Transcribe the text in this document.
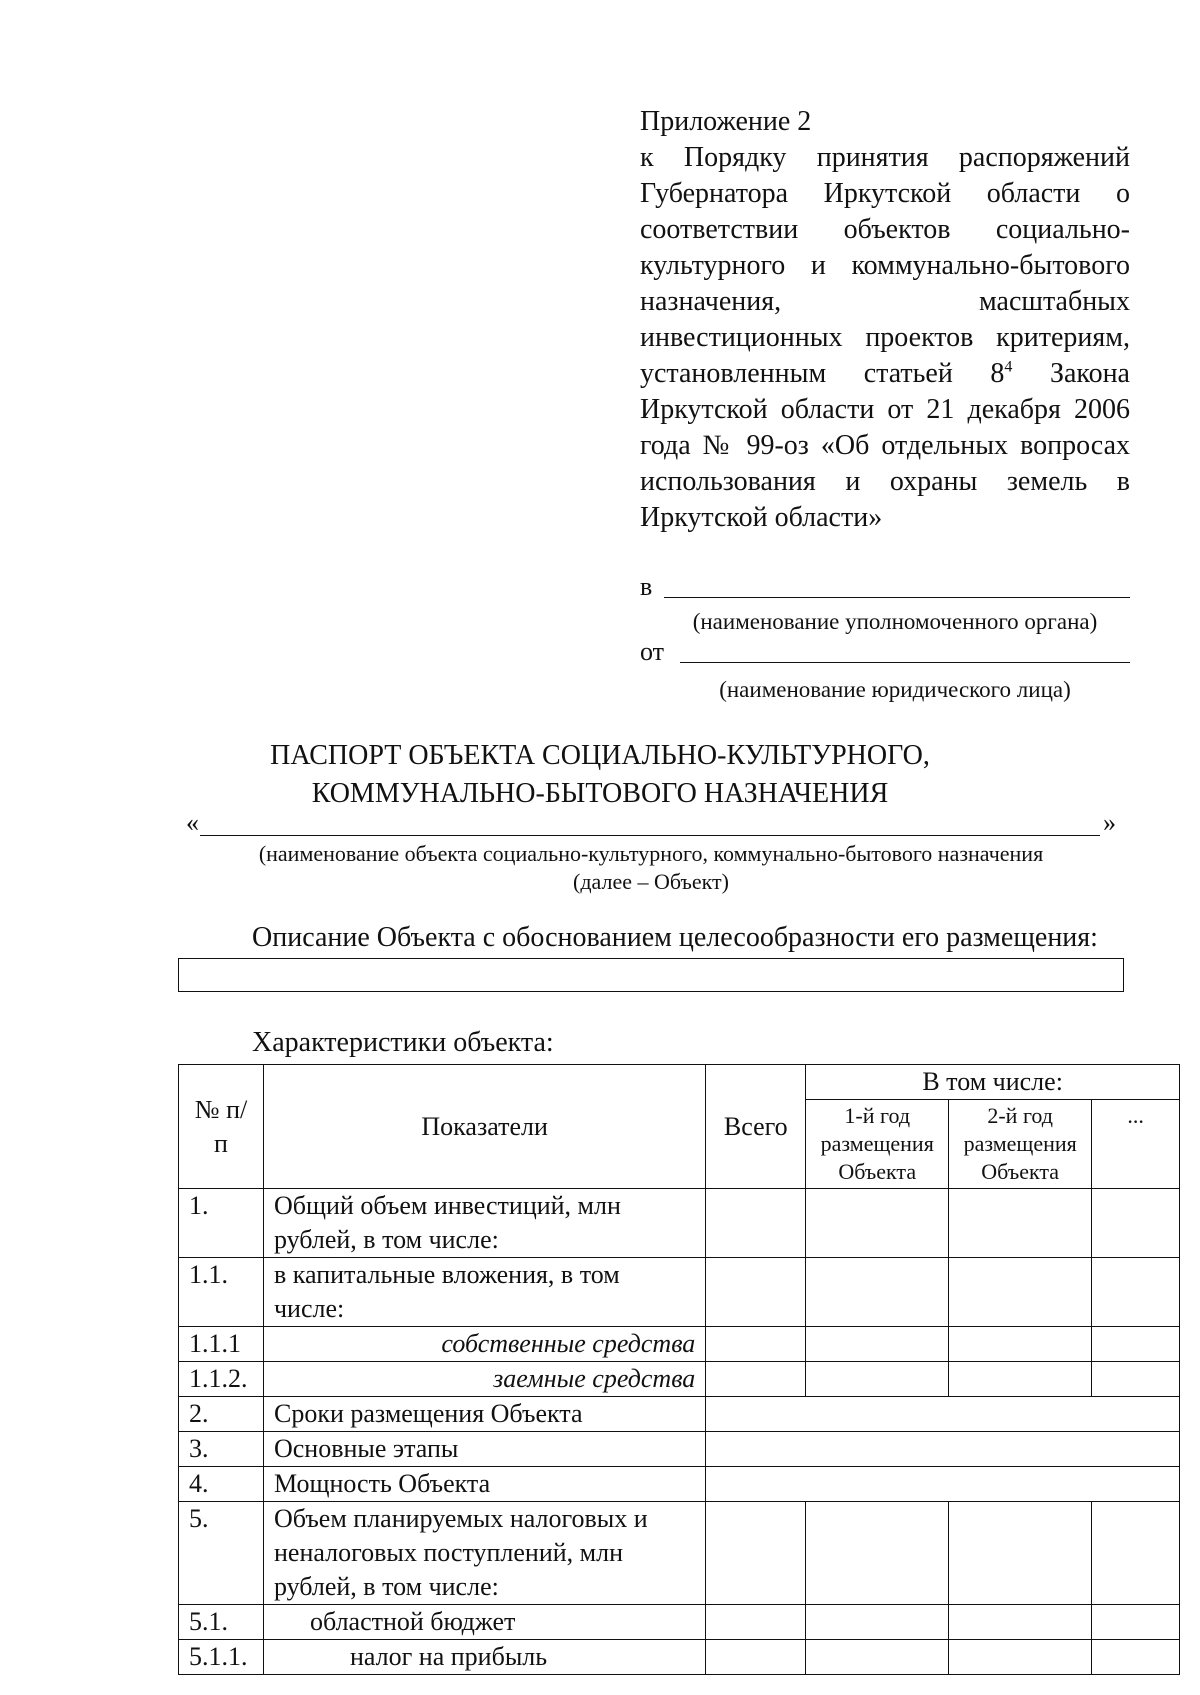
Приложение 2
к Порядку принятия распоряжений Губернатора Иркутской области о соответствии объектов социально-культурного и коммунально-бытового назначения, масштабных инвестиционных проектов критериям, установленным статьей $8^4$ Закона Иркутской области от 21 декабря 2006 года № 99-оз «Об отдельных вопросах использования и охраны земель в Иркутской области»
в
(наименование уполномоченного органа)
от
(наименование юридического лица)
ПАСПОРТ ОБЪЕКТА СОЦИАЛЬНО-КУЛЬТУРНОГО,
КОММУНАЛЬНО-БЫТОВОГО НАЗНАЧЕНИЯ
«	»
(наименование объекта социально-культурного, коммунально-бытового назначения
(далее – Объект)
Описание Объекта с обоснованием целесообразности его размещения:
Характеристики объекта:
№ п/п	Показатели	Всего	В том числе:		
			1-й год размещения Объекта	2-й год размещения Объекта	...
1.	Общий объем инвестиций, млн рублей, в том числе:				
1.1.	в капитальные вложения, в том числе:				
1.1.1	собственные средства				
1.1.2.	заемные средства				
2.	Сроки размещения Объекта				
3.	Основные этапы				
4.	Мощность Объекта				
5.	Объем планируемых налоговых и неналоговых поступлений, млн рублей, в том числе:				
5.1.	областной бюджет				
5.1.1.	налог на прибыль				
